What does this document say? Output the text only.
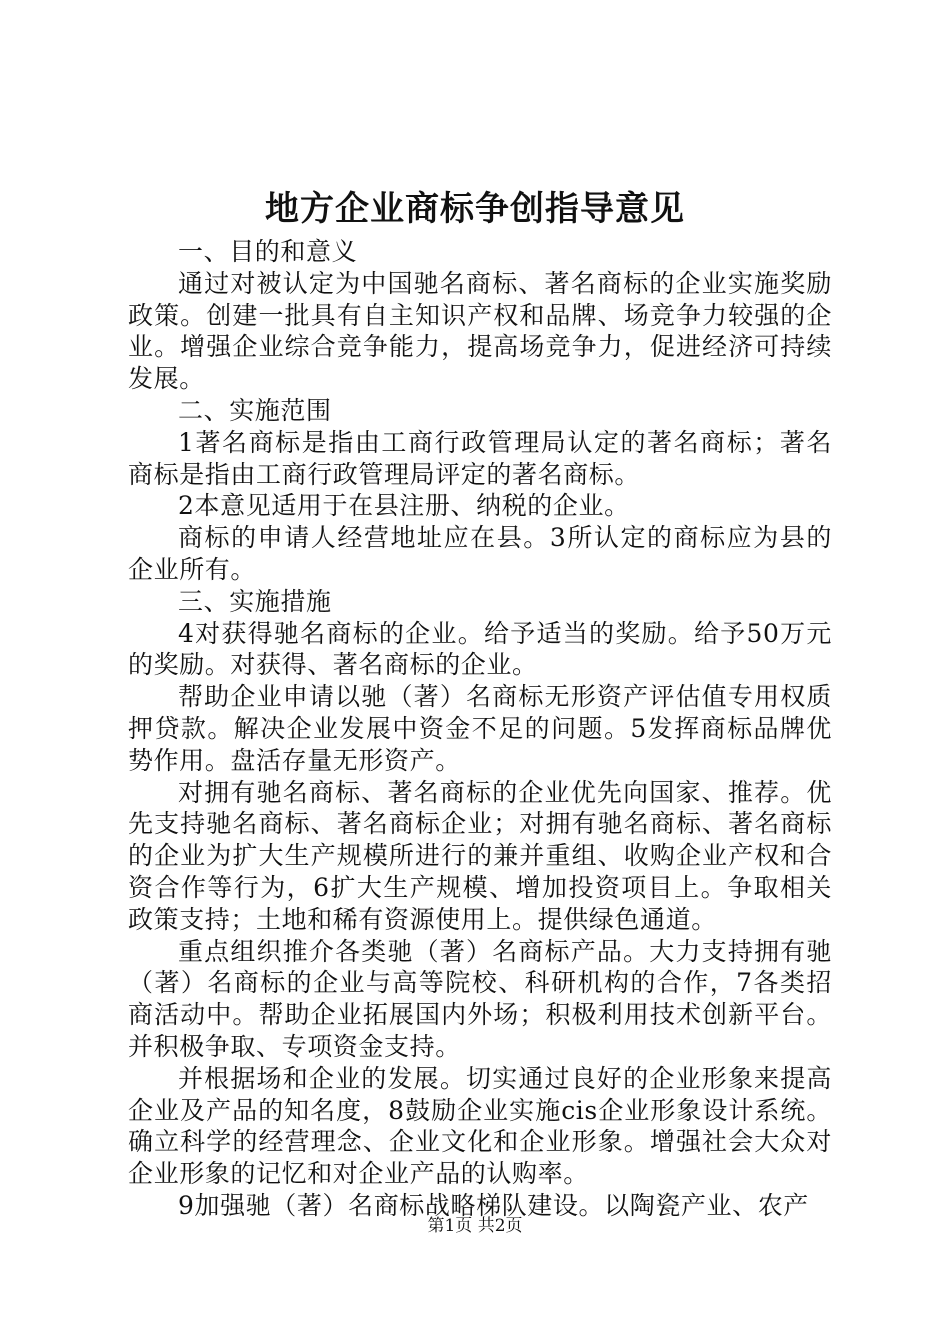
地方企业商标争创指导意见

一、目的和意义

通过对被认定为中国驰名商标、著名商标的企业实施奖励政策。创建一批具有自主知识产权和品牌、场竞争力较强的企业。增强企业综合竞争能力，提高场竞争力，促进经济可持续发展。

二、实施范围

1著名商标是指由工商行政管理局认定的著名商标；著名商标是指由工商行政管理局评定的著名商标。

2本意见适用于在县注册、纳税的企业。

商标的申请人经营地址应在县。3所认定的商标应为县的企业所有。

三、实施措施

4对获得驰名商标的企业。给予适当的奖励。给予50万元的奖励。对获得、著名商标的企业。

帮助企业申请以驰（著）名商标无形资产评估值专用权质押贷款。解决企业发展中资金不足的问题。5发挥商标品牌优势作用。盘活存量无形资产。

对拥有驰名商标、著名商标的企业优先向国家、推荐。优先支持驰名商标、著名商标企业；对拥有驰名商标、著名商标的企业为扩大生产规模所进行的兼并重组、收购企业产权和合资合作等行为，6扩大生产规模、增加投资项目上。争取相关政策支持；土地和稀有资源使用上。提供绿色通道。

重点组织推介各类驰（著）名商标产品。大力支持拥有驰（著）名商标的企业与高等院校、科研机构的合作，7各类招商活动中。帮助企业拓展国内外场；积极利用技术创新平台。并积极争取、专项资金支持。

并根据场和企业的发展。切实通过良好的企业形象来提高企业及产品的知名度，8鼓励企业实施cis企业形象设计系统。确立科学的经营理念、企业文化和企业形象。增强社会大众对企业形象的记忆和对企业产品的认购率。

9加强驰（著）名商标战略梯队建设。以陶瓷产业、农产

第1页 共2页
